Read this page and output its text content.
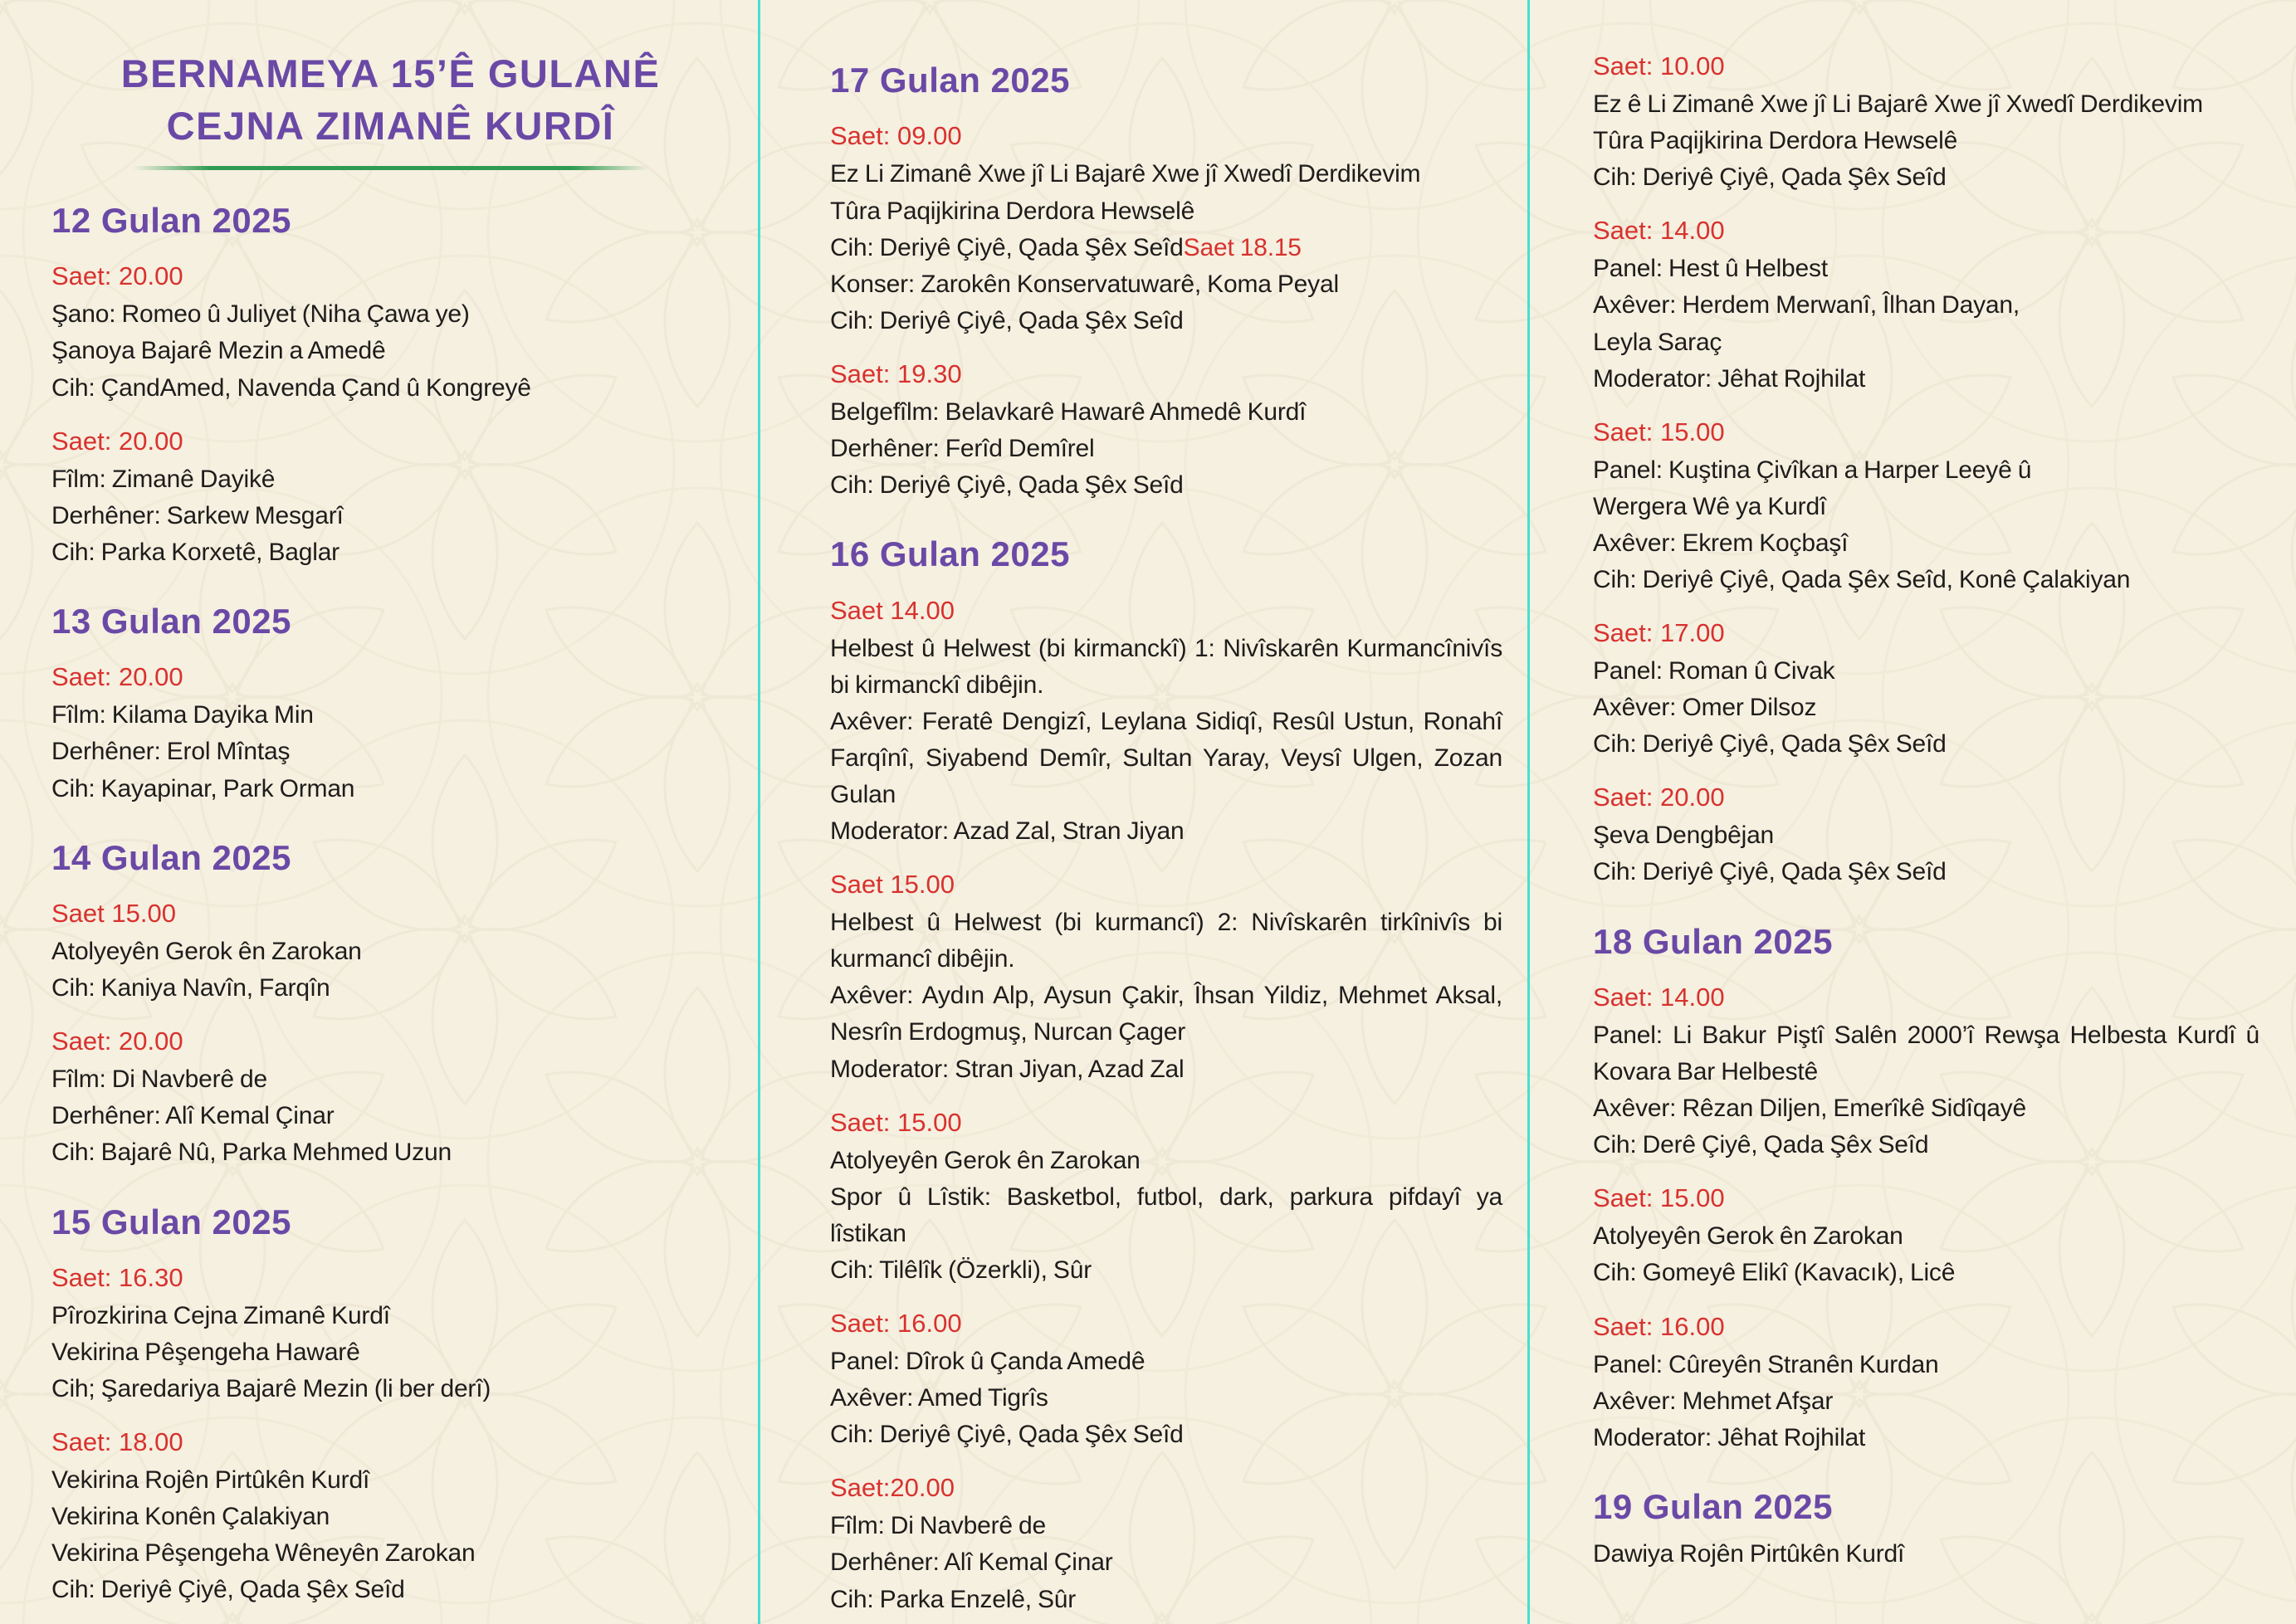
BERNAMEYA 15’Ê GULANÊ
CEJNA ZIMANÊ KURDÎ
12 Gulan 2025
Saet: 20.00
Şano: Romeo û Juliyet (Niha Çawa ye)
Şanoya Bajarê Mezin a Amedê
Cih: ÇandAmed, Navenda Çand û Kongreyê
Saet: 20.00
Fîlm: Zimanê Dayikê
Derhêner: Sarkew Mesgarî
Cih: Parka Korxetê, Baglar
13 Gulan 2025
Saet: 20.00
Fîlm: Kilama Dayika Min
Derhêner: Erol Mîntaş
Cih: Kayapinar, Park Orman
14 Gulan 2025
Saet 15.00
Atolyeyên Gerok ên Zarokan
Cih: Kaniya Navîn, Farqîn
Saet: 20.00
Fîlm: Di Navberê de
Derhêner: Alî Kemal Çinar
Cih: Bajarê Nû, Parka Mehmed Uzun
15 Gulan 2025
Saet: 16.30
Pîrozkirina Cejna Zimanê Kurdî
Vekirina Pêşengeha Hawarê
Cih; Şaredariya Bajarê Mezin (li ber derî)
Saet: 18.00
Vekirina Rojên Pirtûkên Kurdî
Vekirina Konên Çalakiyan
Vekirina Pêşengeha Wêneyên Zarokan
Cih: Deriyê Çiyê, Qada Şêx Seîd
17 Gulan 2025
Saet: 09.00
Ez Li Zimanê Xwe jî Li Bajarê Xwe jî Xwedî Derdikevim
Tûra Paqijkirina Derdora Hewselê
Cih: Deriyê Çiyê, Qada Şêx SeîdSaet 18.15
Konser: Zarokên Konservatuwarê, Koma Peyal
Cih: Deriyê Çiyê, Qada Şêx Seîd
Saet: 19.30
Belgefîlm: Belavkarê Hawarê Ahmedê Kurdî
Derhêner: Ferîd Demîrel
Cih: Deriyê Çiyê, Qada Şêx Seîd
16 Gulan 2025
Saet 14.00
Helbest û Helwest (bi kirmanckî) 1: Nivîskarên Kurmancînivîs bi kirmanckî dibêjin.
Axêver: Feratê Dengizî, Leylana Sidiqî, Resûl Ustun, Ronahî Farqînî, Siyabend Demîr, Sultan Yaray, Veysî Ulgen, Zozan Gulan
Moderator: Azad Zal, Stran Jiyan
Saet 15.00
Helbest û Helwest (bi kurmancî) 2: Nivîskarên tirkînivîs bi kurmancî dibêjin.
Axêver: Aydın Alp, Aysun Çakir, Îhsan Yildiz, Mehmet Aksal, Nesrîn Erdogmuş, Nurcan Çager
Moderator: Stran Jiyan, Azad Zal
Saet: 15.00
Atolyeyên Gerok ên Zarokan
Spor û Lîstik: Basketbol, futbol, dark, parkura pifdayî ya lîstikan
Cih: Tilêlîk (Özerkli), Sûr
Saet: 16.00
Panel: Dîrok û Çanda Amedê
Axêver: Amed Tigrîs
Cih: Deriyê Çiyê, Qada Şêx Seîd
Saet:20.00
Fîlm: Di Navberê de
Derhêner: Alî Kemal Çinar
Cih: Parka Enzelê, Sûr
Saet: 10.00
Ez ê Li Zimanê Xwe jî Li Bajarê Xwe jî Xwedî Derdikevim
Tûra Paqijkirina Derdora Hewselê
Cih: Deriyê Çiyê, Qada Şêx Seîd
Saet: 14.00
Panel: Hest û Helbest
Axêver: Herdem Merwanî, Îlhan Dayan,
Leyla Saraç
Moderator: Jêhat Rojhilat
Saet: 15.00
Panel: Kuştina Çivîkan a Harper Leeyê û
Wergera Wê ya Kurdî
Axêver: Ekrem Koçbaşî
Cih: Deriyê Çiyê, Qada Şêx Seîd, Konê Çalakiyan
Saet: 17.00
Panel: Roman û Civak
Axêver: Omer Dilsoz
Cih: Deriyê Çiyê, Qada Şêx Seîd
Saet: 20.00
Şeva Dengbêjan
Cih: Deriyê Çiyê, Qada Şêx Seîd
18 Gulan 2025
Saet: 14.00
Panel: Li Bakur Piştî Salên 2000’î Rewşa Helbesta Kurdî û Kovara Bar Helbestê
Axêver: Rêzan Diljen, Emerîkê Sidîqayê
Cih: Derê Çiyê, Qada Şêx Seîd
Saet: 15.00
Atolyeyên Gerok ên Zarokan
Cih: Gomeyê Elikî (Kavacık), Licê
Saet: 16.00
Panel: Cûreyên Stranên Kurdan
Axêver: Mehmet Afşar
Moderator: Jêhat Rojhilat
19 Gulan 2025
Dawiya Rojên Pirtûkên Kurdî
